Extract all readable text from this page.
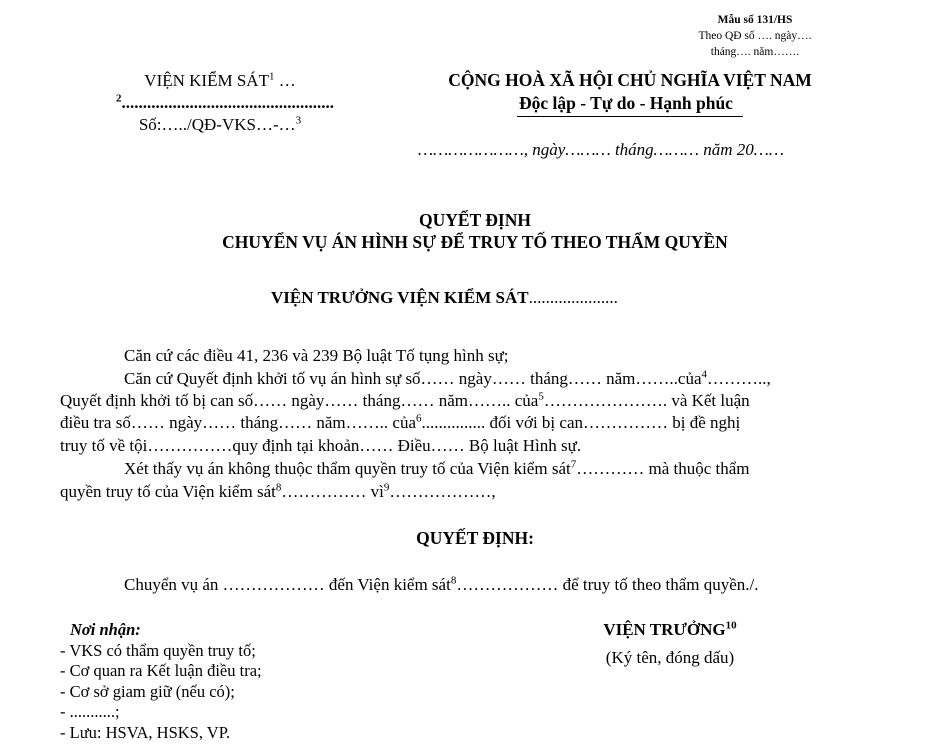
Mẫu số 131/HS
Theo QĐ số …. ngày….
tháng…. năm…….
VIỆN KIỂM SÁT$^1$ …
$^2$..................................................
Số:…../QĐ-VKS…-…$^3$
CỘNG HOÀ XÃ HỘI CHỦ NGHĨA VIỆT NAM
Độc lập - Tự do - Hạnh phúc
…………………, ngày……… tháng……… năm 20……
QUYẾT ĐỊNH
CHUYỂN VỤ ÁN HÌNH SỰ ĐỂ TRUY TỐ THEO THẨM QUYỀN
VIỆN TRƯỞNG VIỆN KIỂM SÁT.....................
Căn cứ các điều 41, 236 và 239 Bộ luật Tố tụng hình sự;
Căn cứ Quyết định khởi tố vụ án hình sự số…… ngày…… tháng…… năm……..của$^4$………..,
Quyết định khởi tố bị can số…… ngày…… tháng…… năm…….. của$^5$…………………. và Kết luận
điều tra số…… ngày…… tháng…… năm…….. của$^6$............... đối với bị can…………… bị đề nghị
truy tố về tội……………quy định tại khoản…… Điều…… Bộ luật Hình sự.
Xét thấy vụ án không thuộc thẩm quyền truy tố của Viện kiểm sát$^7$………… mà thuộc thẩm
quyền truy tố của Viện kiểm sát$^8$…………… $vì^9\dots\dots\dots\dots\dots\dots$,
QUYẾT ĐỊNH:
Chuyển vụ án ……………… đến Viện kiểm sát$^8$……………… để truy tố theo thẩm quyền./.
Nơi nhận:
- VKS có thẩm quyền truy tố;
- Cơ quan ra Kết luận điều tra;
- Cơ sở giam giữ (nếu có);
- ...........;
- Lưu: HSVA, HSKS, VP.
VIỆN TRƯỞNG$^{10}$
(Ký tên, đóng dấu)
